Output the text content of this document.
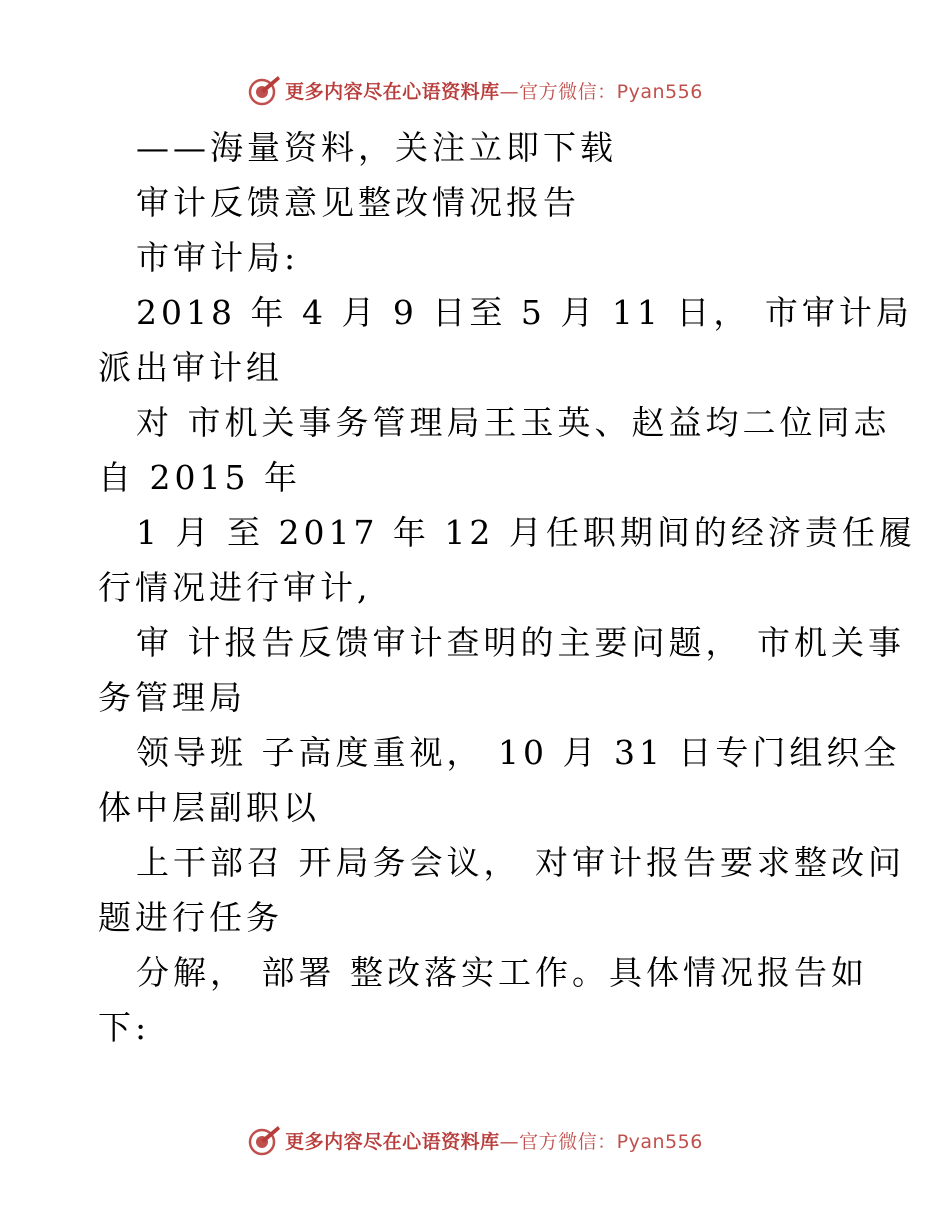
更多内容尽在心语资料库—官方微信：Pyan556
——海量资料，关注立即下载
审计反馈意见整改情况报告
市审计局:
2018 年 4 月 9 日至 5 月 11 日， 市审计局
派出审计组
对 市机关事务管理局王玉英、赵益均二位同志
自 2015 年
1 月 至 2017 年 12 月任职期间的经济责任履
行情况进行审计,
审 计报告反馈审计查明的主要问题， 市机关事
务管理局
领导班 子高度重视， 10 月 31 日专门组织全
体中层副职以
上干部召 开局务会议， 对审计报告要求整改问
题进行任务
分解， 部署 整改落实工作。具体情况报告如
下:
更多内容尽在心语资料库—官方微信：Pyan556
